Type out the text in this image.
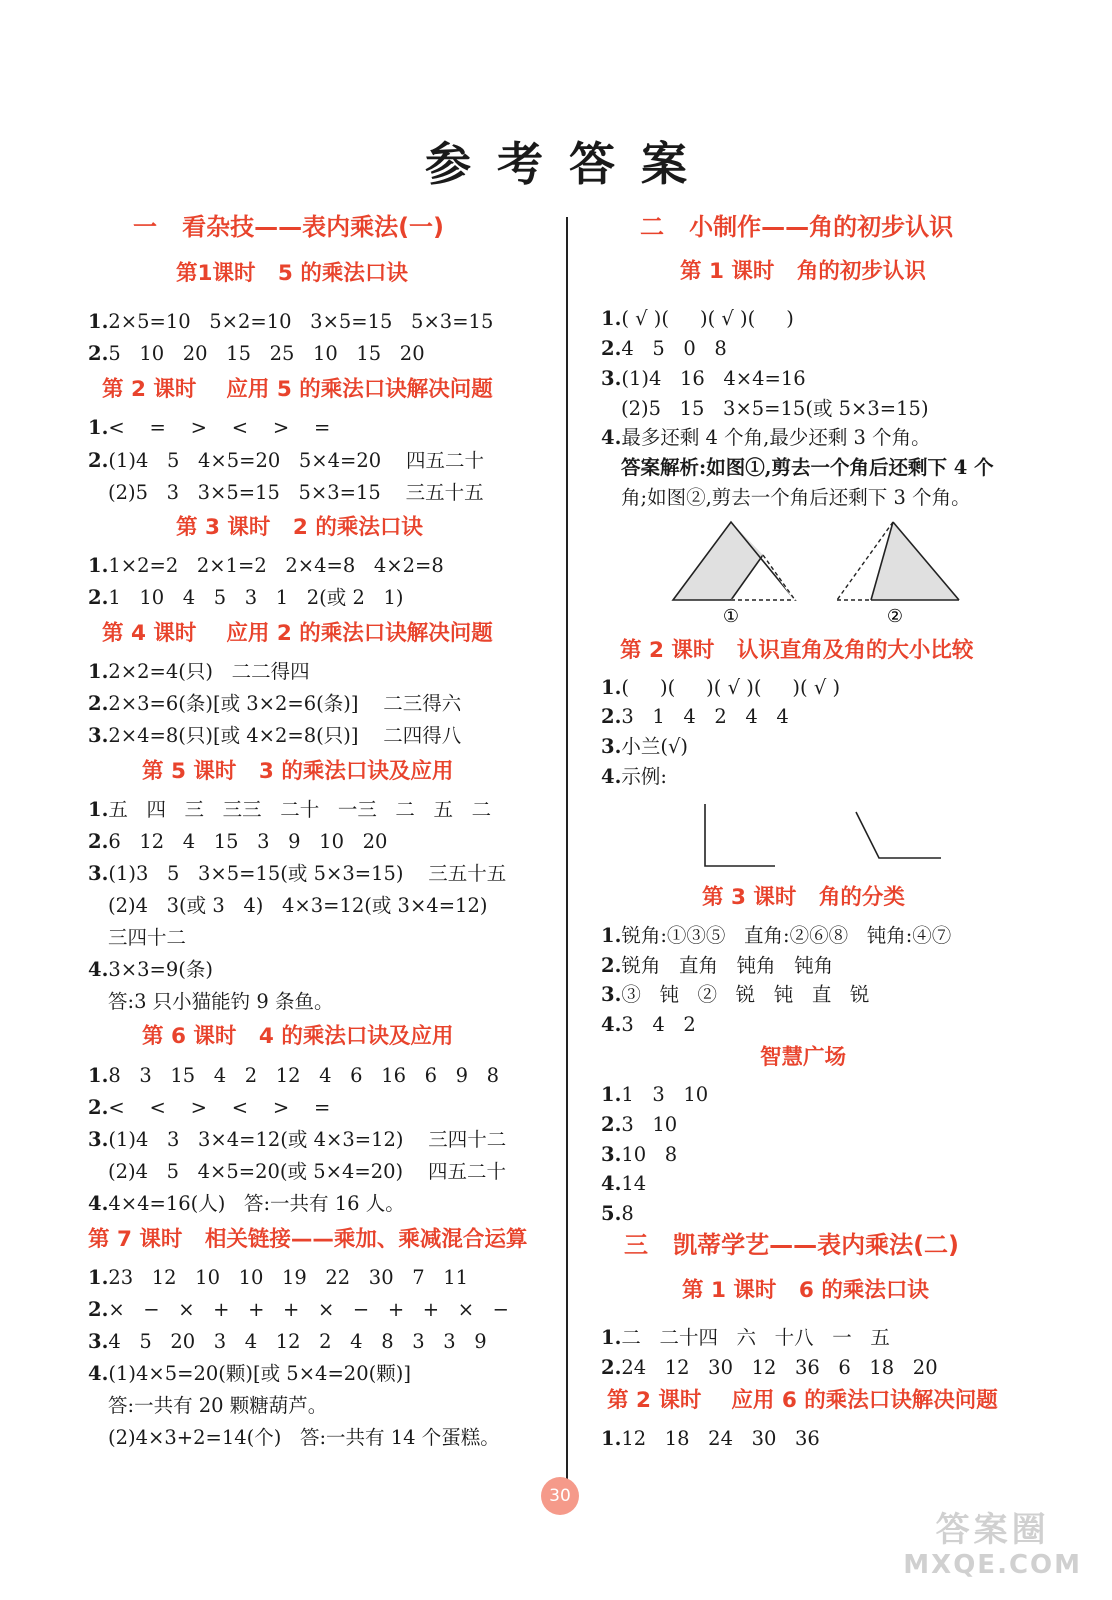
参考答案
一   看杂技——表内乘法(一)
第1课时   5 的乘法口诀
1.2×5=10   5×2=10   3×5=15   5×3=15
2.5   10   20   15   25   10   15   20
第 2 课时    应用 5 的乘法口诀解决问题
1.<    =    >    <    >    =
2.(1)4   5   4×5=20   5×4=20    四五二十
(2)5   3   3×5=15   5×3=15    三五十五
第 3 课时   2 的乘法口诀
1.1×2=2   2×1=2   2×4=8   4×2=8
2.1   10   4   5   3   1   2(或 2   1)
第 4 课时    应用 2 的乘法口诀解决问题
1.2×2=4(只)   二二得四
2.2×3=6(条)[或 3×2=6(条)]    二三得六
3.2×4=8(只)[或 4×2=8(只)]    二四得八
第 5 课时   3 的乘法口诀及应用
1.五   四   三   三三   二十   一三   二   五   二
2.6   12   4   15   3   9   10   20
3.(1)3   5   3×5=15(或 5×3=15)    三五十五
(2)4   3(或 3   4)   4×3=12(或 3×4=12)
三四十二
4.3×3=9(条)
答:3 只小猫能钓 9 条鱼。
第 6 课时   4 的乘法口诀及应用
1.8   3   15   4   2   12   4   6   16   6   9   8
2.<    <    >    <    >    =
3.(1)4   3   3×4=12(或 4×3=12)    三四十二
(2)4   5   4×5=20(或 5×4=20)    四五二十
4.4×4=16(人)   答:一共有 16 人。
第 7 课时   相关链接——乘加、乘减混合运算
1.23   12   10   10   19   22   30   7   11
2.×   −   ×   +   +   +   ×   −   +   +   ×   −
3.4   5   20   3   4   12   2   4   8   3   3   9
4.(1)4×5=20(颗)[或 5×4=20(颗)]
答:一共有 20 颗糖葫芦。
(2)4×3+2=14(个)   答:一共有 14 个蛋糕。
二   小制作——角的初步认识
第 1 课时   角的初步认识
1.( √ )(     )( √ )(     )
2.4   5   0   8
3.(1)4   16   4×4=16
(2)5   15   3×5=15(或 5×3=15)
4.最多还剩 4 个角,最少还剩 3 个角。
答案解析:如图①,剪去一个角后还剩下 4 个
角;如图②,剪去一个角后还剩下 3 个角。
①	②
第 2 课时   认识直角及角的大小比较
1.(     )(     )( √ )(     )( √ )
2.3   1   4   2   4   4
3.小兰(√)
4.示例:
第 3 课时   角的分类
1.锐角:①③⑤   直角:②⑥⑧   钝角:④⑦
2.锐角   直角   钝角   钝角
3.③   钝   ②   锐   钝   直   锐
4.3   4   2
智慧广场
1.1   3   10
2.3   10
3.10   8
4.14
5.8
三   凯蒂学艺——表内乘法(二)
第 1 课时   6 的乘法口诀
1.二   二十四   六   十八   一   五
2.24   12   30   12   36   6   18   20
第 2 课时    应用 6 的乘法口诀解决问题
1.12   18   24   30   36
30
答案圈
MXQE.COM
